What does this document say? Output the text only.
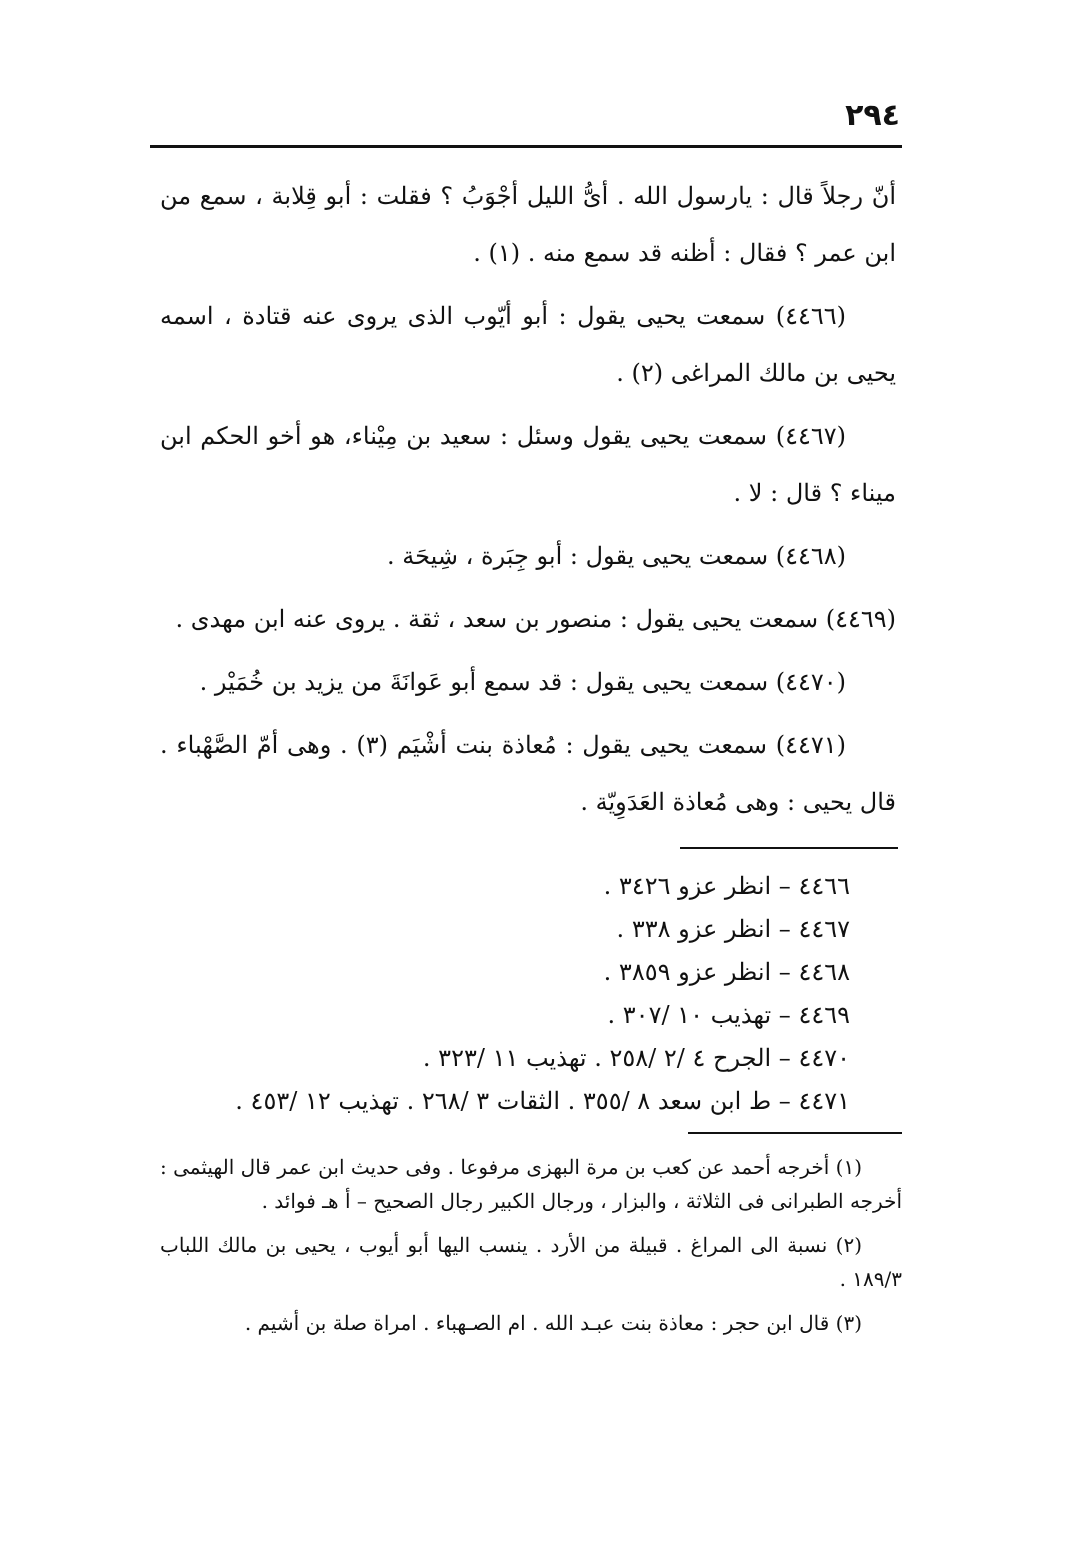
٢٩٤

أنّ رجلاً قال : يارسول الله . أىُّ الليل أجْوَبُ ؟ فقلت : أبو قِلابة ، سمع من ابن عمر ؟ فقال : أظنه قد سمع منه . (١) .

(٤٤٦٦) سمعت يحيى يقول : أبو أيّوب الذى يروى عنه قتادة ، اسمه يحيى بن مالك المراغى (٢) .

(٤٤٦٧) سمعت يحيى يقول وسئل : سعيد بن مِيْناء، هو أخو الحكم ابن ميناء ؟ قال : لا .

(٤٤٦٨) سمعت يحيى يقول : أبو جِبَرة ، شِيحَة .

(٤٤٦٩) سمعت يحيى يقول : منصور بن سعد ، ثقة . يروى عنه ابن مهدى .

(٤٤٧٠) سمعت يحيى يقول : قد سمع أبو عَوانَةَ من يزيد بن خُمَيْر .

(٤٤٧١) سمعت يحيى يقول : مُعاذة بنت أشْيَم (٣) . وهى أمّ الصَّهْباء . قال يحيى : وهى مُعاذة العَدَوِيّة .

٤٤٦٦ – انظر عزو ٣٤٢٦ .
٤٤٦٧ – انظر عزو ٣٣٨ .
٤٤٦٨ – انظر عزو ٣٨٥٩ .
٤٤٦٩ – تهذيب ١٠ /٣٠٧ .
٤٤٧٠ – الجرح ٤ /٢ /٢٥٨ . تهذيب ١١ /٣٢٣ .
٤٤٧١ – ط ابن سعد ٨ /٣٥٥ . الثقات ٣ /٢٦٨ . تهذيب ١٢ /٤٥٣ .

(١) أخرجه أحمد عن كعب بن مرة البهزى مرفوعا . وفى حديث ابن عمر قال الهيثمى : أخرجه الطبرانى فى الثلاثة ، والبزار ، ورجال الكبير رجال الصحيح – أ هـ فوائد .

(٢) نسبة الى المراغ . قبيلة من الأرد . ينسب اليها أبو أيوب ، يحيى بن مالك اللباب ١٨٩/٣ .

(٣) قال ابن حجر : معاذة بنت عبـد الله . ام الصـهباء . امراة صلة بن أشيم .
